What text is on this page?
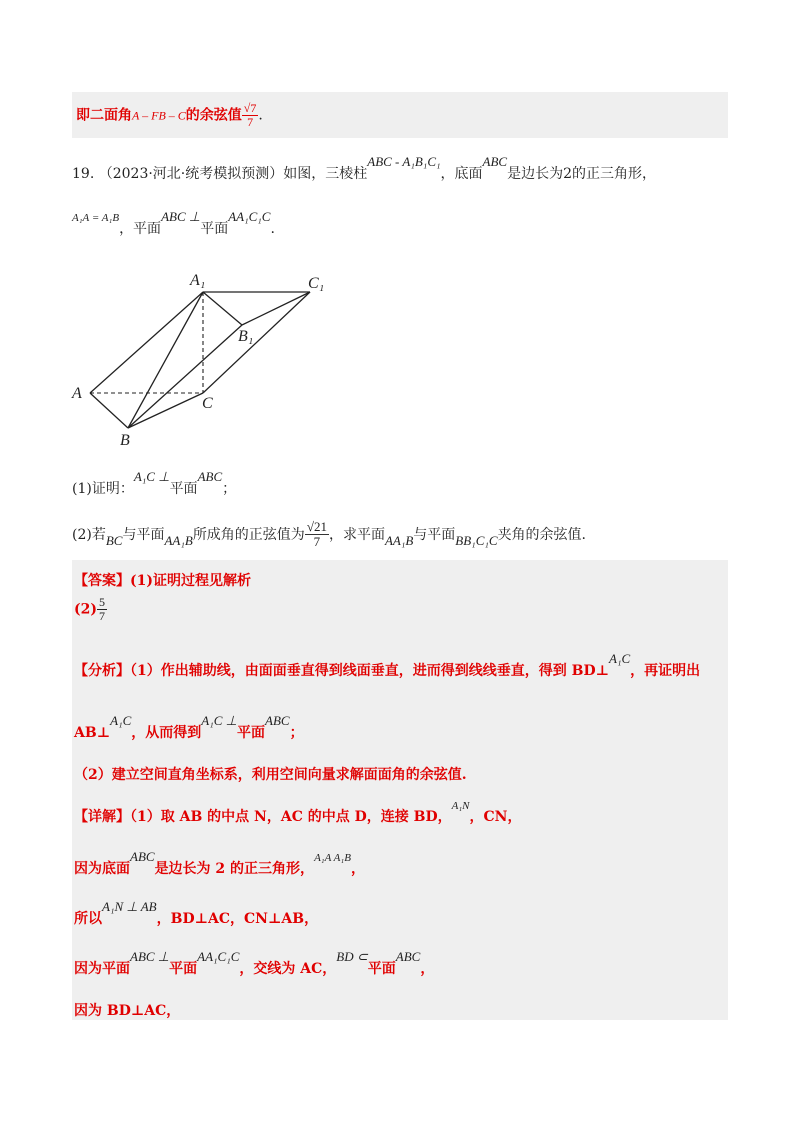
即二面角A – FB – C的余弦值 $\frac{√7}{7}$ .
19. （2023·河北·统考模拟预测）如图，三棱柱ABC - A₁B₁C₁，底面ABC是边长为2的正三角形，
$^{A_1A = A_1B}$，平面ABC ⊥平面AA₁C₁C.
A₁	C₁
B₁
A
C
B
(1)证明：A₁C ⊥平面ABC；
(2)若BC与平面AA₁B所成角的正弦值为 $\frac{√21}{7}$ ，求平面AA₁B与平面BB₁C₁C夹角的余弦值.
【答案】(1)证明过程见解析
$(2) \frac{5}{7}$
【分析】（1）作出辅助线，由面面垂直得到线面垂直，进而得到线线垂直，得到 BD⊥A₁C，再证明出
AB⊥A₁C，从而得到A₁C ⊥平面ABC；
（2）建立空间直角坐标系，利用空间向量求解面面角的余弦值.
【详解】（1）取 AB 的中点 N，AC 的中点 D，连接 BD，$^{A_1N}$，CN，
因为底面ABC是边长为 2 的正三角形，$^{A_1A A_1B}$，
所以A₁N ⊥ AB，BD⊥AC，CN⊥AB，
因为平面ABC ⊥平面AA₁C₁C，交线为 AC，BD ⊂平面ABC，
因为 BD⊥AC，
